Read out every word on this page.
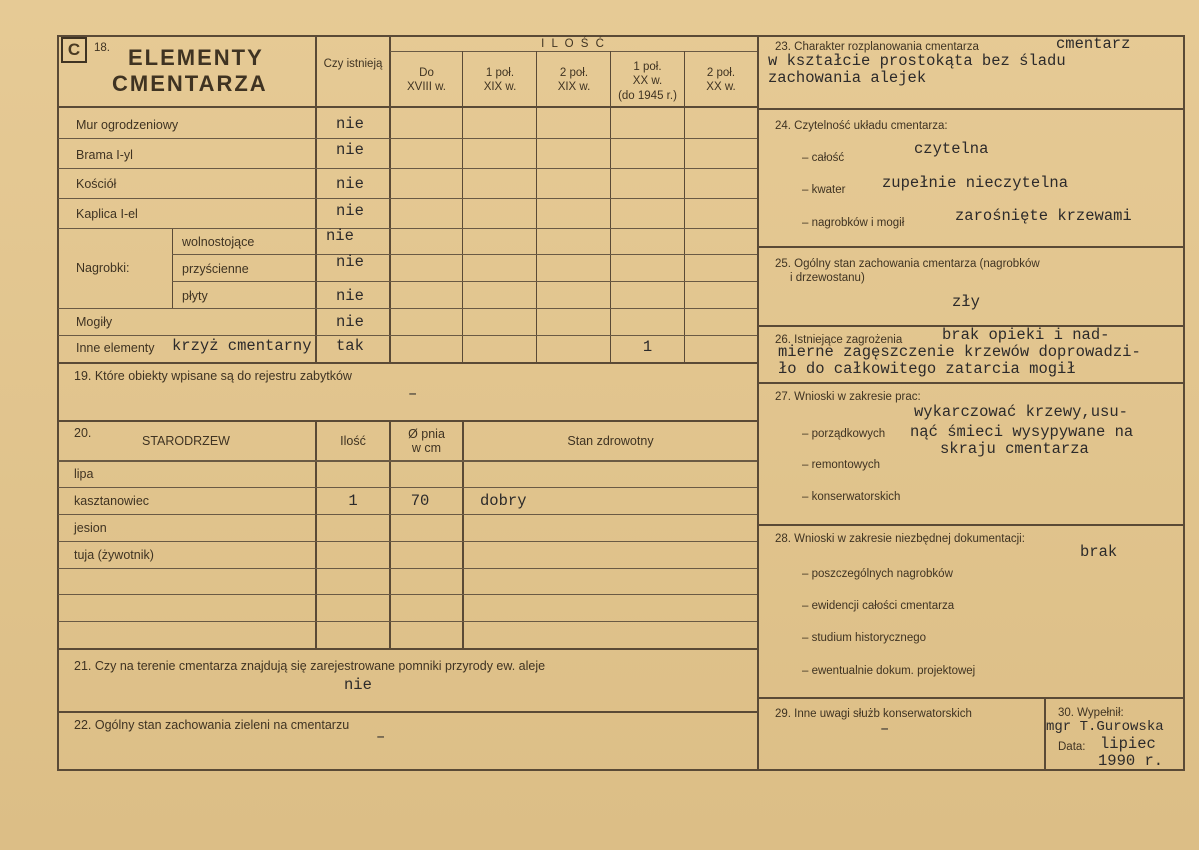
C	18. ELEMENTY
CMENTARZA
Czy istnieją
I L O Ś Ć
Do
XVIII w.
1 poł.
XIX w.
2 poł.
XIX w.
1 poł.
XX w.
(do 1945 r.)
2 poł.
XX w.
Mur ogrodzeniowy	nie
Brama I-yl	nie
Kościół	nie
Kaplica I-el	nie
Nagrobki:
wolnostojące	nie
przyścienne	nie
płyty	nie
Mogiły	nie
Inne elementy krzyż cmentarny tak	1
19. Które obiekty wpisane są do rejestru zabytków
–
20.
STARODRZEW	Ilość	Ø pnia
w cm	Stan zdrowotny
lipa
kasztanowiec	1	70	dobry
jesion
tuja (żywotnik)
21. Czy na terenie cmentarza znajdują się zarejestrowane pomniki przyrody ew. aleje
nie
22. Ogólny stan zachowania zieleni na cmentarzu
–
23. Charakter rozplanowania cmentarza	cmentarz
w kształcie prostokąta bez śladu
zachowania alejek
24. Czytelność układu cmentarza:
– całość	czytelna
– kwater zupełnie nieczytelna
– nagrobków i mogił	zarośnięte krzewami
25. Ogólny stan zachowania cmentarza (nagrobków
i drzewostanu)
zły
26. Istniejące zagrożenia	brak opieki i nad-
mierne zagęszczenie krzewów doprowadzi-
ło do całkowitego zatarcia mogił
27. Wnioski w zakresie prac:
wykarczować krzewy,usu-
– porządkowych nąć śmieci wysypywane na
skraju cmentarza
– remontowych
– konserwatorskich
28. Wnioski w zakresie niezbędnej dokumentacji:
brak
– poszczególnych nagrobków
– ewidencji całości cmentarza
– studium historycznego
– ewentualnie dokum. projektowej
29. Inne uwagi służb konserwatorskich
–
30. Wypełnił:
mgr T.Gurowska
Data: lipiec
1990 r.
